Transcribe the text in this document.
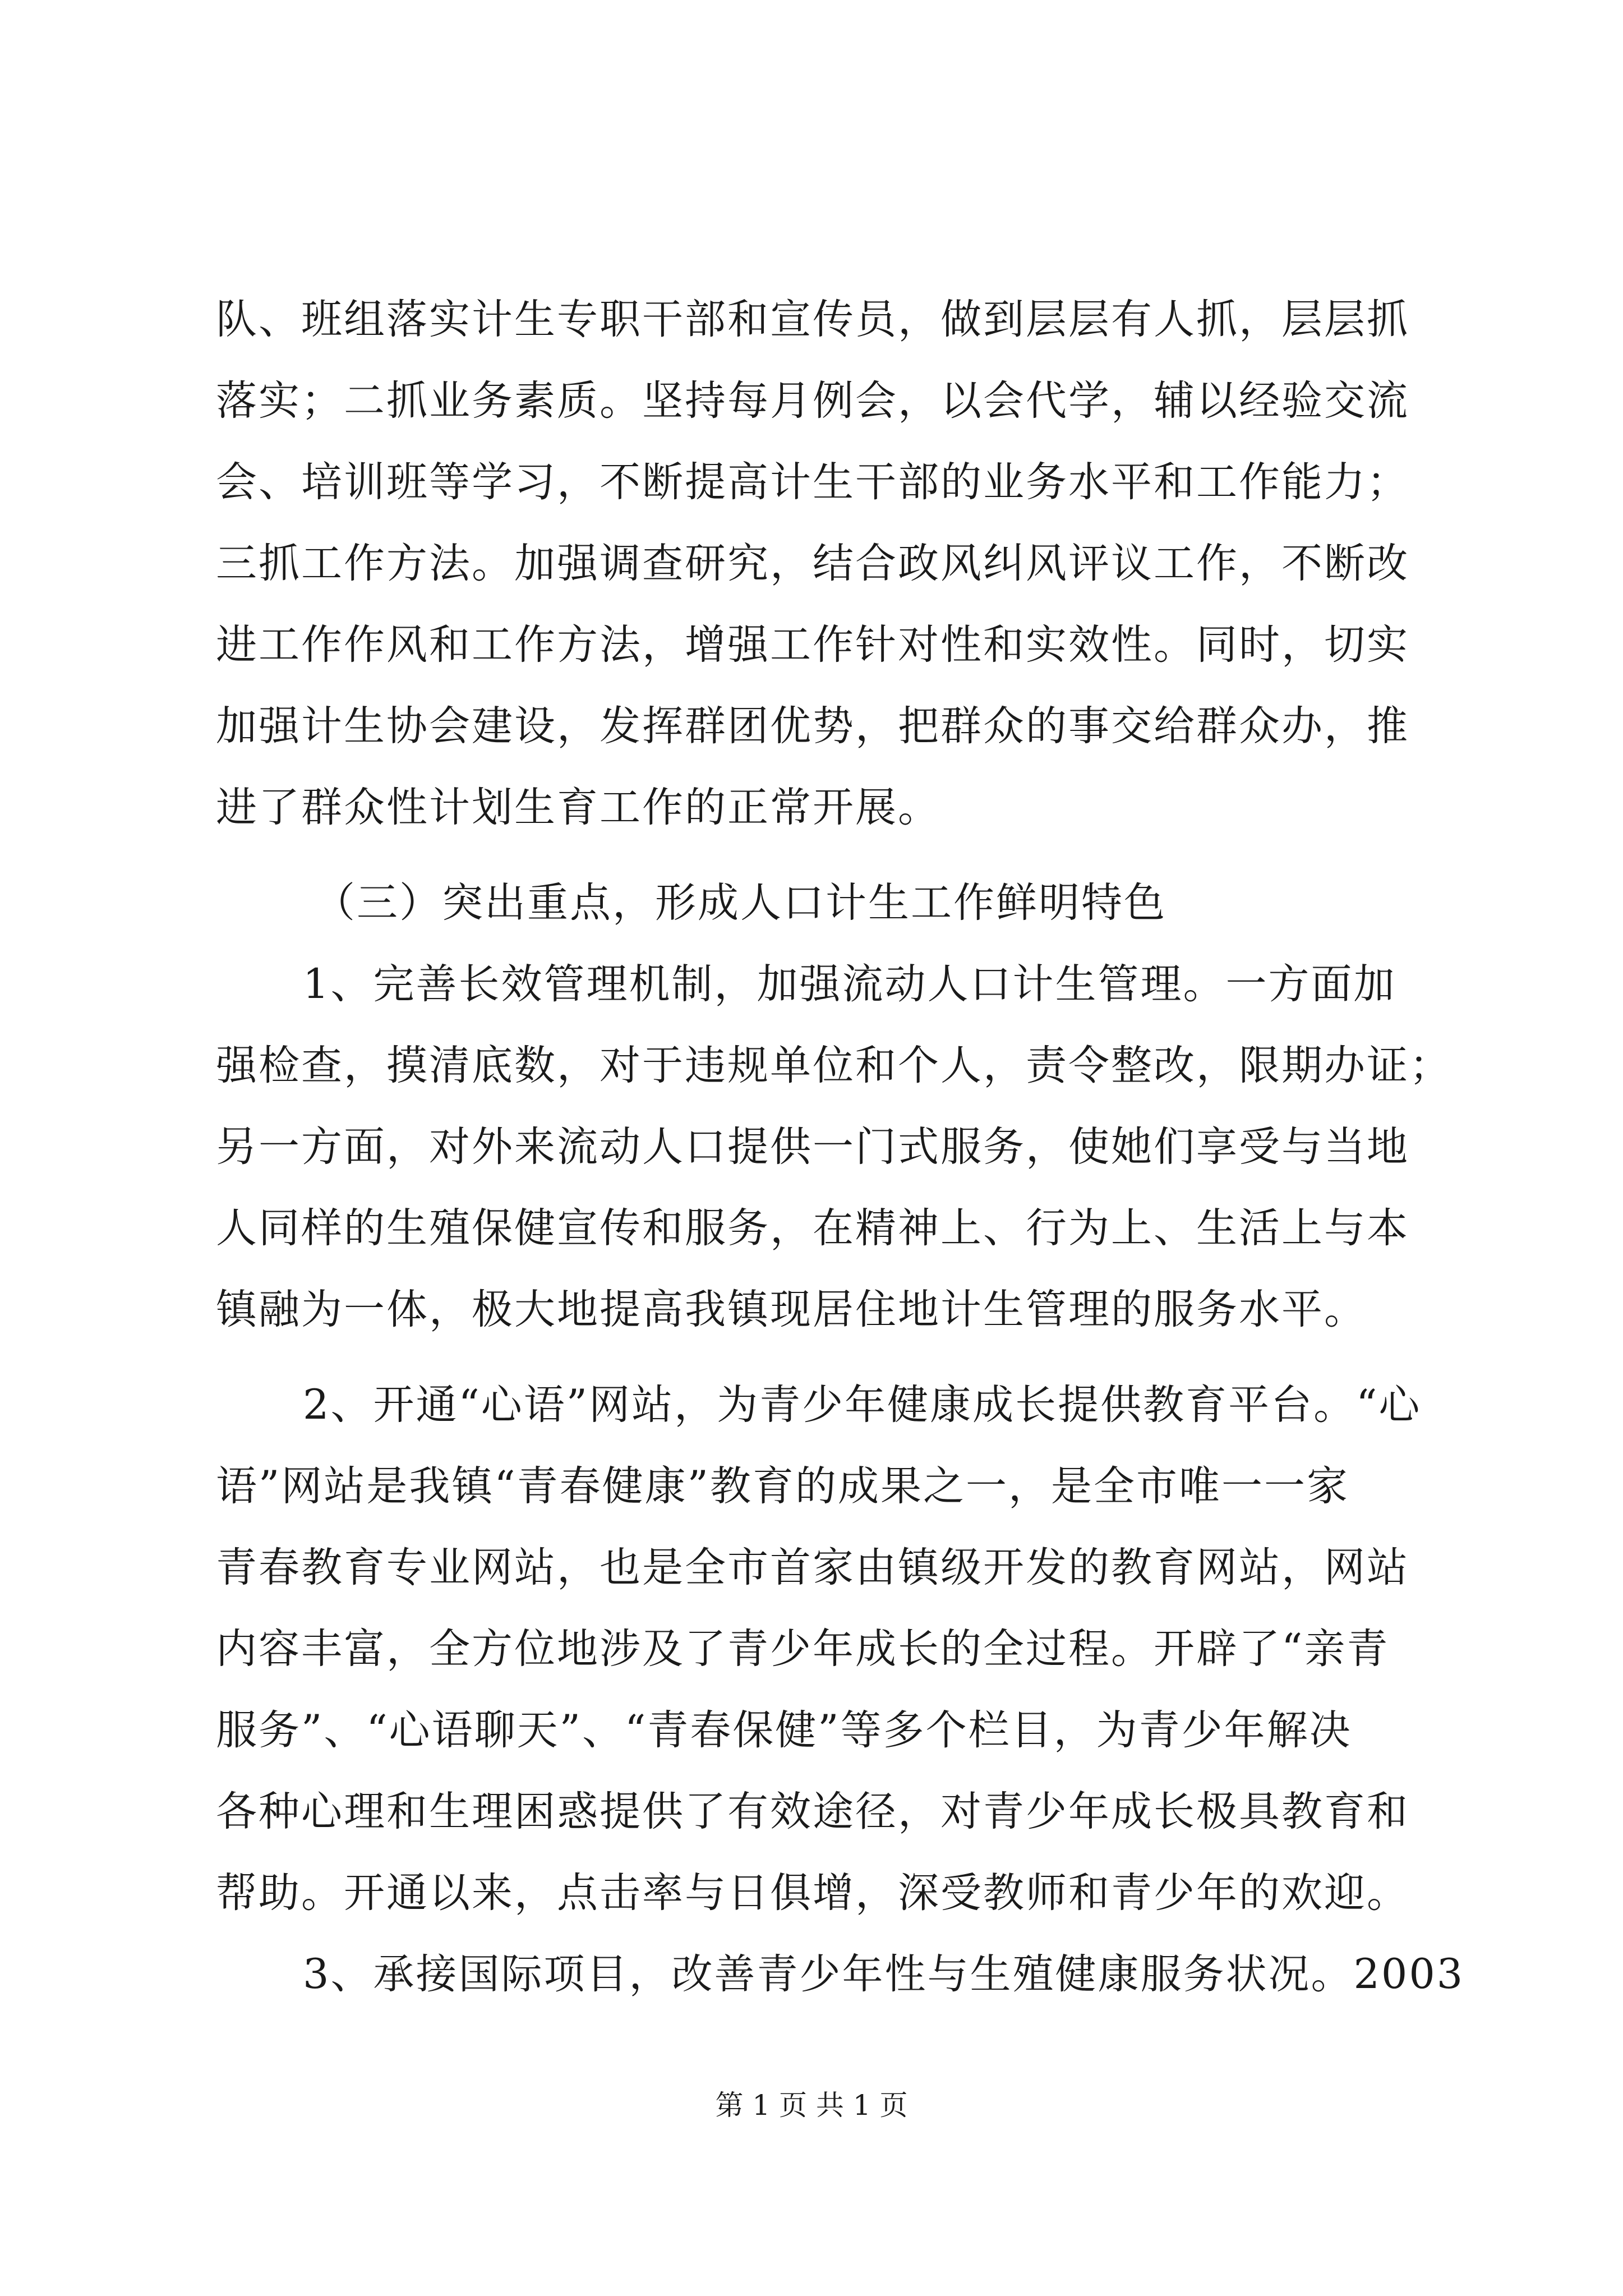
队、班组落实计生专职干部和宣传员，做到层层有人抓，层层抓
落实；二抓业务素质。坚持每月例会，以会代学，辅以经验交流
会、培训班等学习，不断提高计生干部的业务水平和工作能力；
三抓工作方法。加强调查研究，结合政风纠风评议工作，不断改
进工作作风和工作方法，增强工作针对性和实效性。同时，切实
加强计生协会建设，发挥群团优势，把群众的事交给群众办，推
进了群众性计划生育工作的正常开展。
（三）突出重点，形成人口计生工作鲜明特色
1、完善长效管理机制，加强流动人口计生管理。一方面加
强检查，摸清底数，对于违规单位和个人，责令整改，限期办证；
另一方面，对外来流动人口提供一门式服务，使她们享受与当地
人同样的生殖保健宣传和服务，在精神上、行为上、生活上与本
镇融为一体，极大地提高我镇现居住地计生管理的服务水平。
2、开通“心语”网站，为青少年健康成长提供教育平台。“心
语”网站是我镇“青春健康”教育的成果之一，是全市唯一一家
青春教育专业网站，也是全市首家由镇级开发的教育网站，网站
内容丰富，全方位地涉及了青少年成长的全过程。开辟了“亲青
服务”、“心语聊天”、“青春保健”等多个栏目，为青少年解决
各种心理和生理困惑提供了有效途径，对青少年成长极具教育和
帮助。开通以来，点击率与日俱增，深受教师和青少年的欢迎。
3、承接国际项目，改善青少年性与生殖健康服务状况。2003
第 1 页 共 1 页
